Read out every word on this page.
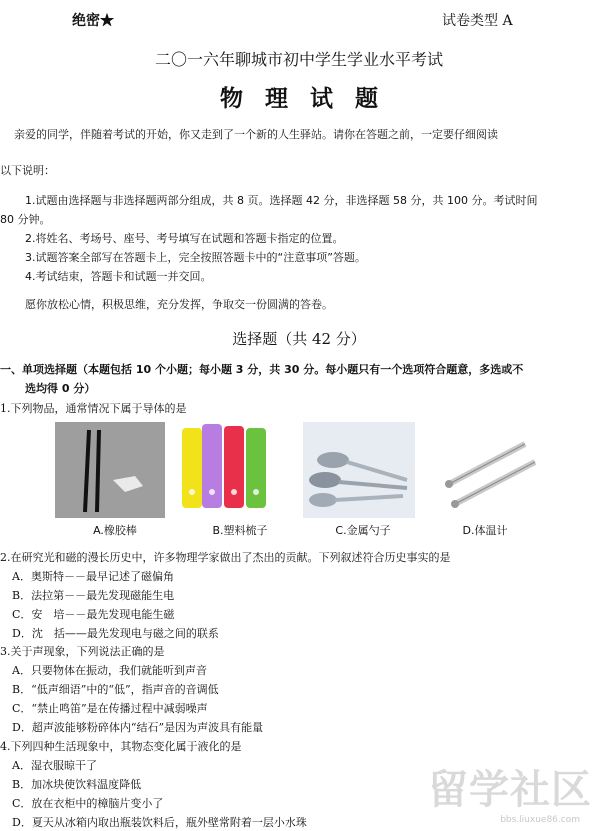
绝密★	试卷类型 A
二〇一六年聊城市初中学生学业水平考试
物理试题
亲爱的同学，伴随着考试的开始，你又走到了一个新的人生驿站。请你在答题之前，一定要仔细阅读
以下说明：
1.试题由选择题与非选择题两部分组成，共 8 页。选择题 42 分，非选择题 58 分，共 100 分。考试时间
80 分钟。
2.将姓名、考场号、座号、考号填写在试题和答题卡指定的位置。
3.试题答案全部写在答题卡上，完全按照答题卡中的“注意事项”答题。
4.考试结束，答题卡和试题一并交回。
愿你放松心情，积极思维，充分发挥，争取交一份圆满的答卷。
选择题（共 42 分）
一、单项选择题（本题包括 10 个小题；每小题 3 分，共 30 分。每小题只有一个选项符合题意，多选或不
选均得 0 分）
1.下列物品，通常情况下属于导体的是
A.橡胶棒	B.塑料梳子	C.金属勺子	D.体温计
2.在研究光和磁的漫长历史中，许多物理学家做出了杰出的贡献。下列叙述符合历史事实的是
A．奥斯特－－最早记述了磁偏角
B．法拉第－－最先发现磁能生电
C．安　培－－最先发现电能生磁
D．沈　括——最先发现电与磁之间的联系
3.关于声现象，下列说法正确的是
A．只要物体在振动，我们就能听到声音
B．“低声细语”中的“低”，指声音的音调低
C．“禁止鸣笛”是在传播过程中减弱噪声
D．超声波能够粉碎体内“结石”是因为声波具有能量
4.下列四种生活现象中，其物态变化属于液化的是
A．湿衣服晾干了
B．加冰块使饮料温度降低
C．放在衣柜中的樟脑片变小了
D．夏天从冰箱内取出瓶装饮料后，瓶外壁常附着一层小水珠
留学社区
bbs.liuxue86.com
